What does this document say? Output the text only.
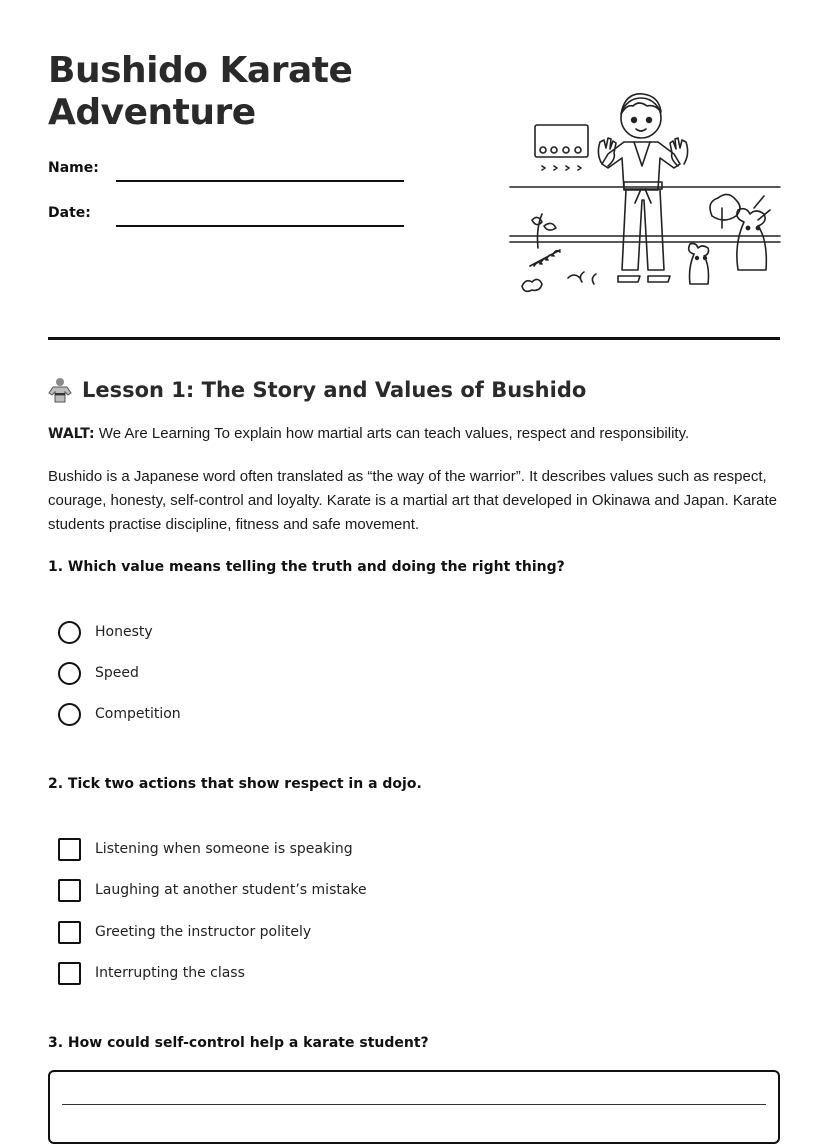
Bushido Karate
Adventure
Name:
Date:
Lesson 1: The Story and Values of Bushido
WALT: We Are Learning To explain how martial arts can teach values, respect and responsibility.
Bushido is a Japanese word often translated as “the way of the warrior”. It describes values such as respect, courage, honesty, self-control and loyalty. Karate is a martial art that developed in Okinawa and Japan. Karate students practise discipline, fitness and safe movement.
1. Which value means telling the truth and doing the right thing?
Honesty
Speed
Competition
2. Tick two actions that show respect in a dojo.
Listening when someone is speaking
Laughing at another student’s mistake
Greeting the instructor politely
Interrupting the class
3. How could self-control help a karate student?
